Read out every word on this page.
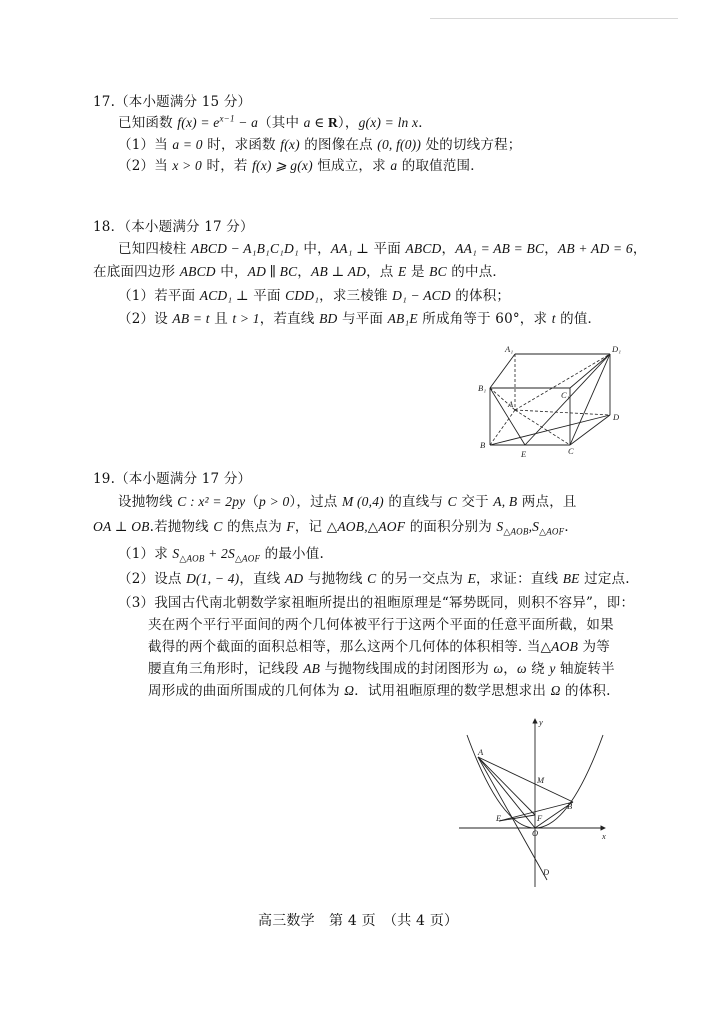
17.（本小题满分 15 分）
已知函数 $f(x) = e^{x-1} - a$（其中 a ∈ R），g(x) = ln x．
（1）当 a = 0 时，求函数 f(x) 的图像在点 (0, f(0)) 处的切线方程；
（2）当 x > 0 时，若 f(x) ⩾ g(x) 恒成立，求 a 的取值范围．
18．（本小题满分 17 分）
已知四棱柱 ABCD − A₁B₁C₁D₁ 中，AA₁ ⊥ 平面 ABCD，AA₁ = AB = BC，AB + AD = 6，
在底面四边形 ABCD 中，AD ∥ BC，AB ⊥ AD，点 E 是 BC 的中点．
（1）若平面 ACD₁ ⊥ 平面 CDD₁，求三棱锥 D₁ − ACD 的体积；
（2）设 AB = t 且 t > 1，若直线 BD 与平面 AB₁E 所成角等于 60°，求 t 的值．
A₁	D₁
B₁
C₁
A
D
B
E	C
19.（本小题满分 17 分）
设抛物线 C : x² = 2py（p > 0），过点 M (0,4) 的直线与 C 交于 A, B 两点，且
OA ⊥ OB.若抛物线 C 的焦点为 F，记 △AOB,△AOF 的面积分别为 $S_{\triangle AOB},S_{\triangle AOF}$．
（1）求 $S_{\triangle AOB} + 2S_{\triangle AOF}$ 的最小值.
（2）设点 D(1, − 4)，直线 AD 与抛物线 C 的另一交点为 E，求证：直线 BE 过定点.
（3）我国古代南北朝数学家祖暅所提出的祖暅原理是“幂势既同，则积不容异”，即：
夹在两个平行平面间的两个几何体被平行于这两个平面的任意平面所截，如果
截得的两个截面的面积总相等，那么这两个几何体的体积相等. 当△AOB 为等
腰直角三角形时，记线段 AB 与抛物线围成的封闭图形为 ω，ω 绕 y 轴旋转半
周形成的曲面所围成的几何体为 Ω．试用祖暅原理的数学思想求出 Ω 的体积.
y
A
M
B
F
E
O	x
D
高三数学　第 4 页　（共 4 页）
